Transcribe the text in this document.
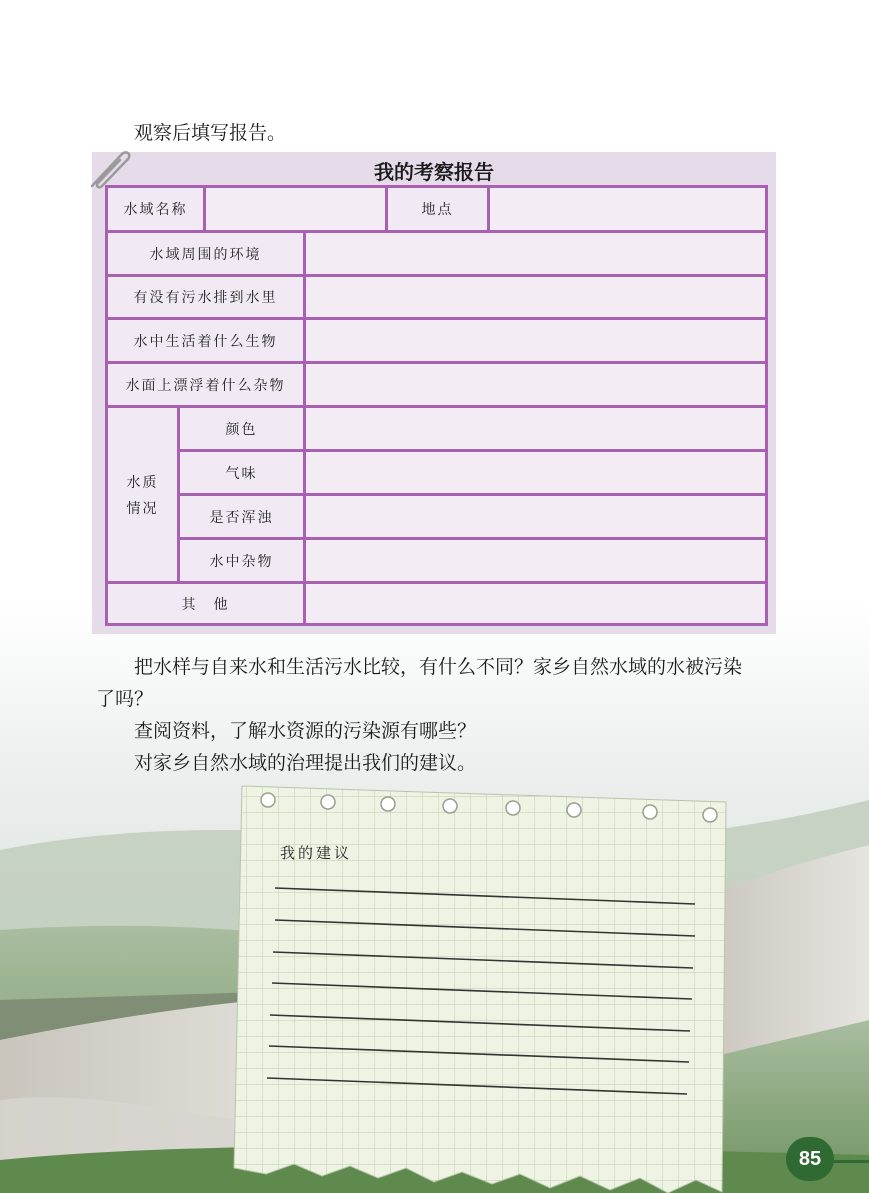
观察后填写报告。
我的考察报告
水域名称				地点	
水域周围的环境					
有没有污水排到水里					
水中生活着什么生物					
水面上漂浮着什么杂物					

水质
情况	颜色				
	气味				
	是否浑浊				
	水中杂物				
其　他					
把水样与自来水和生活污水比较，有什么不同？家乡自然水域的水被污染
了吗？
查阅资料，了解水资源的污染源有哪些？
对家乡自然水域的治理提出我们的建议。
我的建议
85
